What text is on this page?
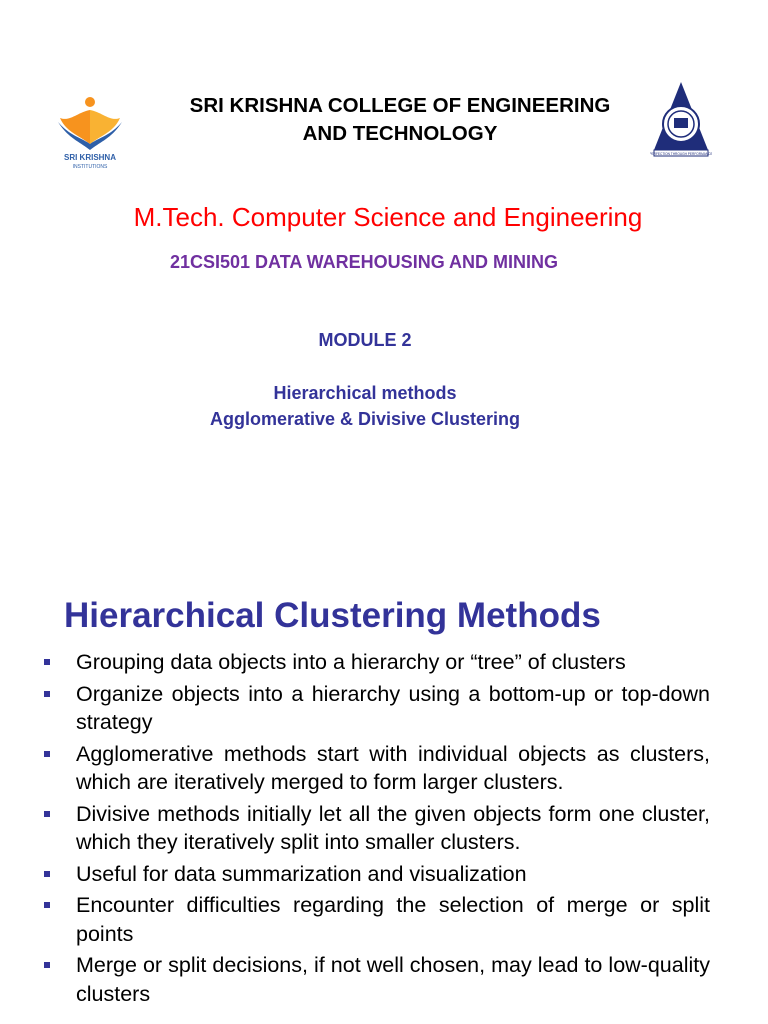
SRI KRISHNA
INSTITUTIONS
SRI KRISHNA COLLEGE OF ENGINEERING
AND TECHNOLOGY
PERFECTION THROUGH PERFORMANCE
M.Tech. Computer Science and Engineering
21CSI501 DATA WAREHOUSING AND MINING
MODULE 2
Hierarchical methods
Agglomerative & Divisive Clustering
Hierarchical Clustering Methods
Grouping data objects into a hierarchy or “tree” of clusters
Organize objects into a hierarchy using a bottom-up or top-down strategy
Agglomerative methods start with individual objects as clusters, which are iteratively merged to form larger clusters.
Divisive methods initially let all the given objects form one cluster, which they iteratively split into smaller clusters.
Useful for data summarization and visualization
Encounter difficulties regarding the selection of merge or split points
Merge or split decisions, if not well chosen, may lead to low-quality clusters
